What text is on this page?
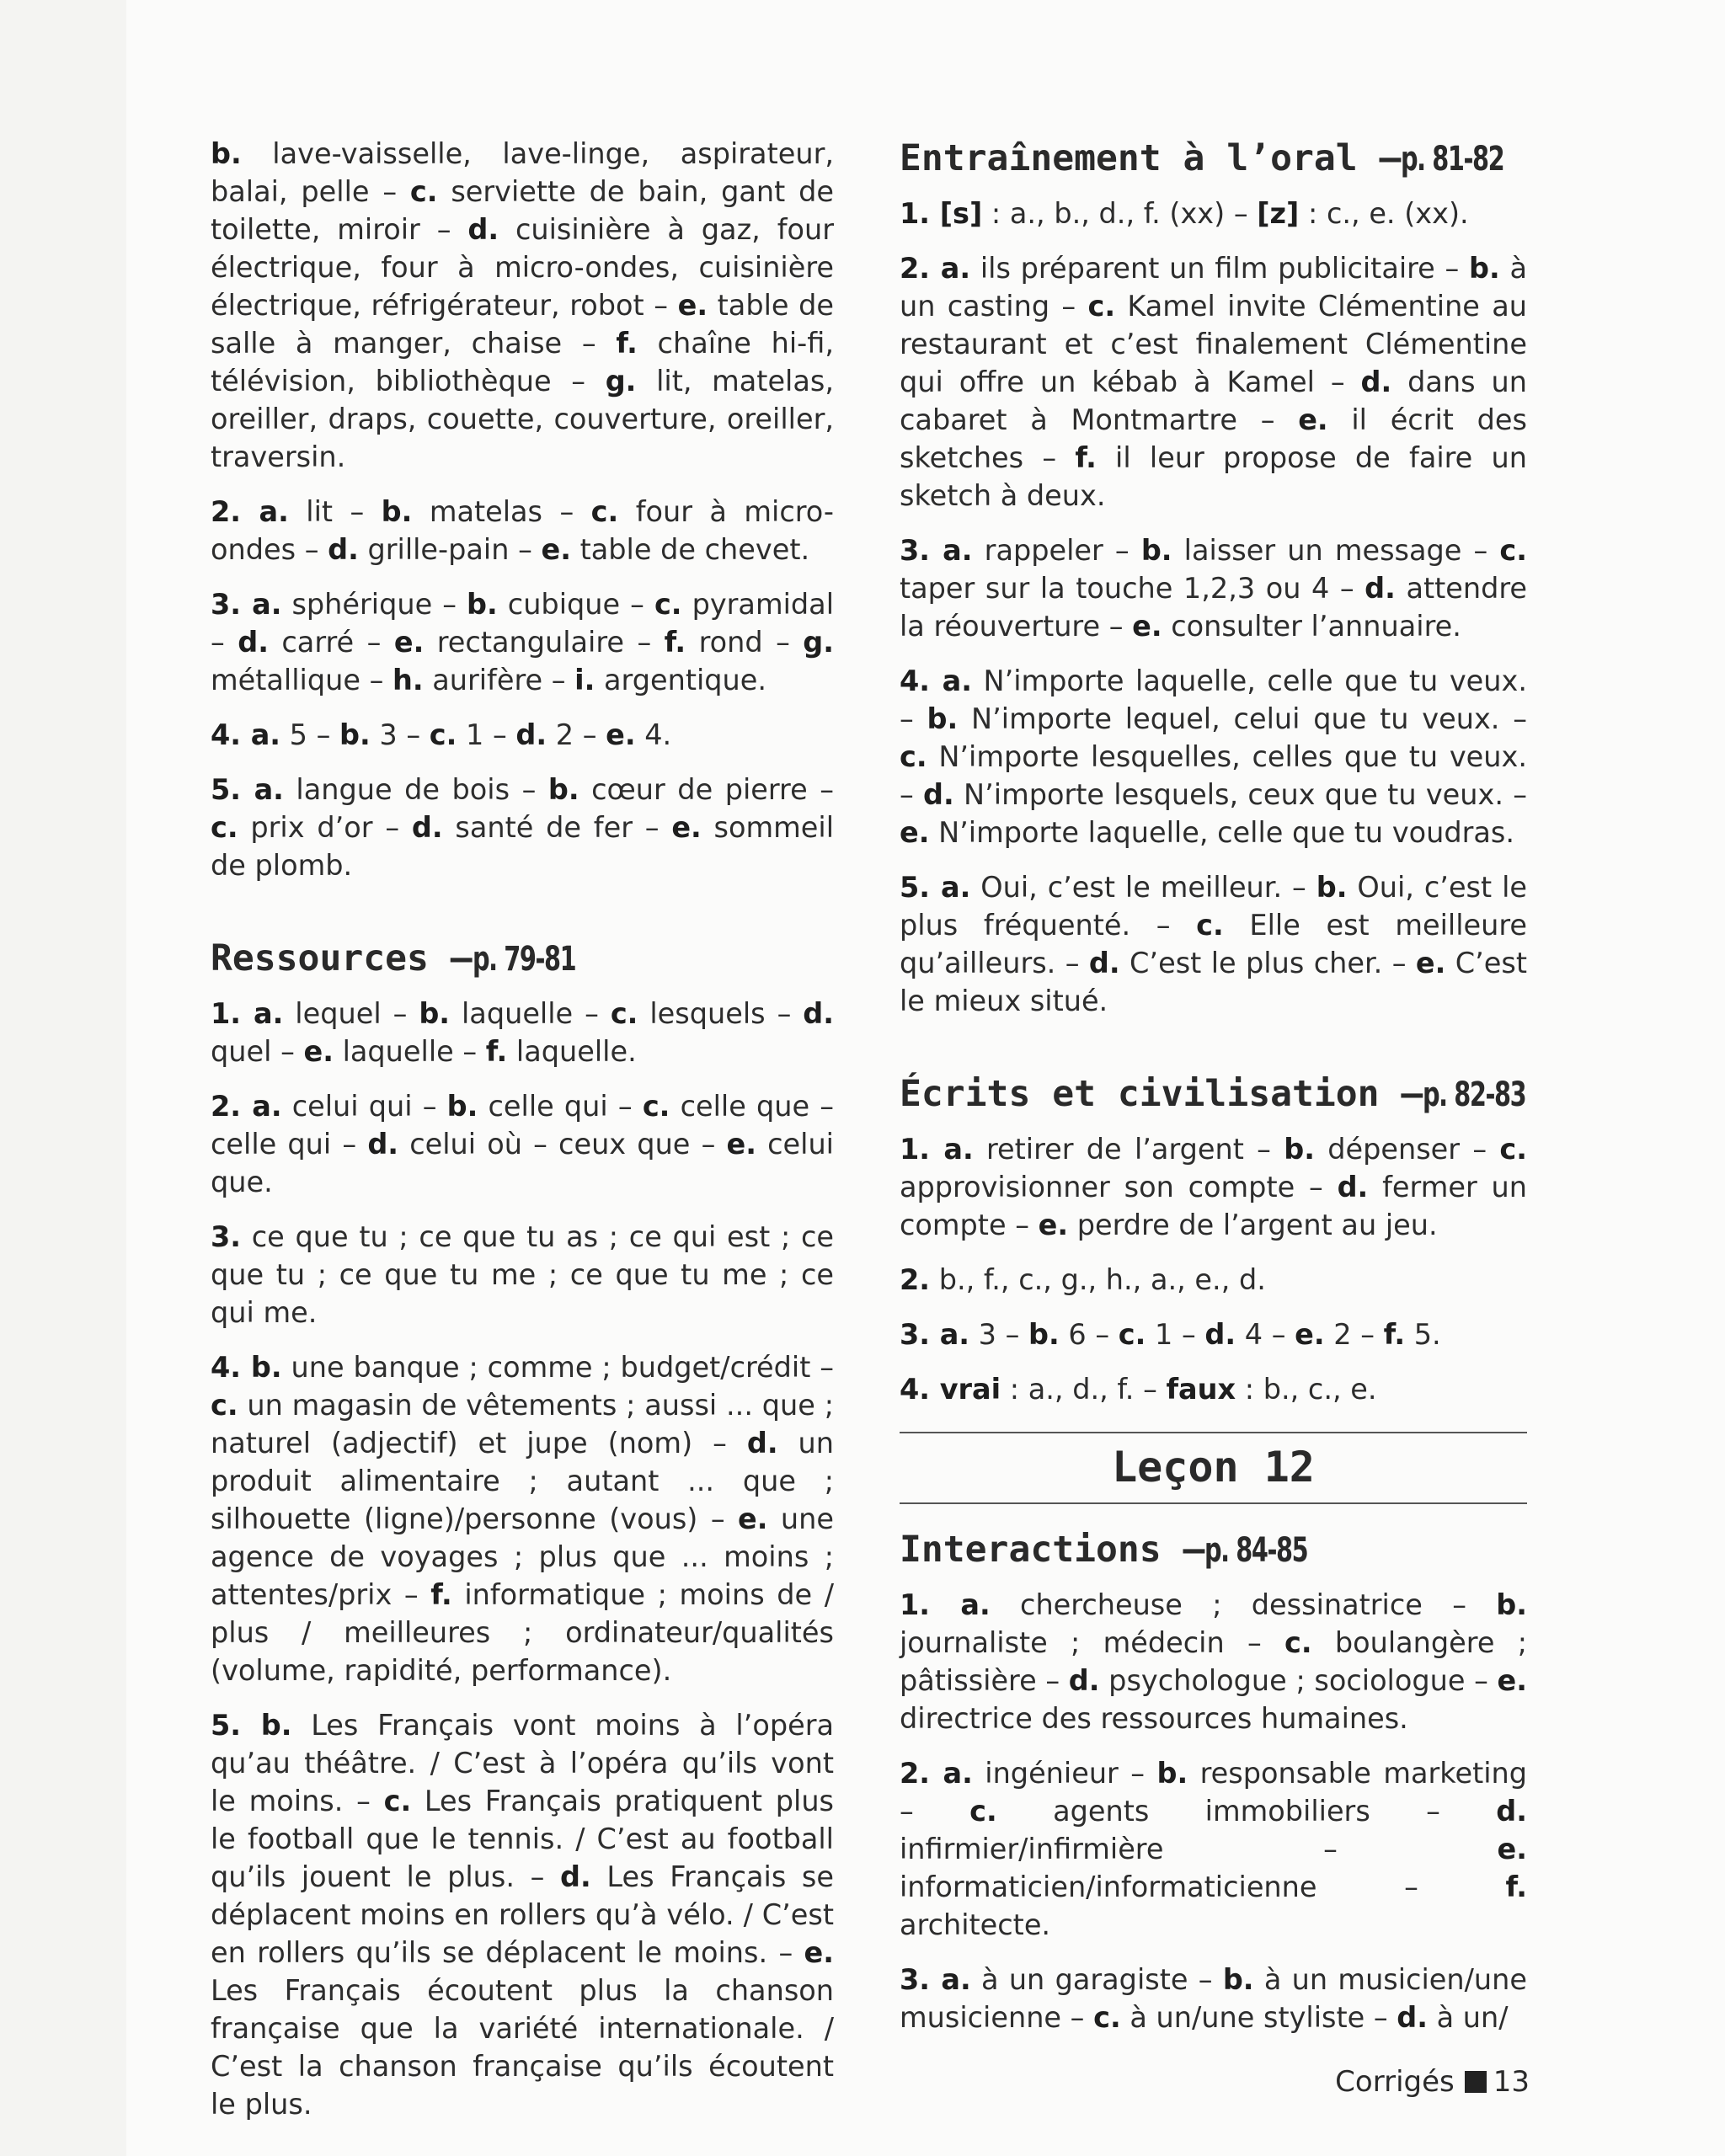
b. lave-vaisselle, lave-linge, aspirateur, balai, pelle – c. serviette de bain, gant de toilette, miroir – d. cuisinière à gaz, four électrique, four à micro-ondes, cuisinière électrique, réfrigérateur, robot – e. table de salle à manger, chaise – f. chaîne hi-fi, télévision, bibliothèque – g. lit, matelas, oreiller, draps, couette, couverture, oreiller, traversin.

2. a. lit – b. matelas – c. four à micro-ondes – d. grille-pain – e. table de chevet.

3. a. sphérique – b. cubique – c. pyramidal – d. carré – e. rectangulaire – f. rond – g. métallique – h. aurifère – i. argentique.

4. a. 5 – b. 3 – c. 1 – d. 2 – e. 4.

5. a. langue de bois – b. cœur de pierre – c. prix d’or – d. santé de fer – e. sommeil de plomb.

Ressources –p. 79-81

1. a. lequel – b. laquelle – c. lesquels – d. quel – e. laquelle – f. laquelle.

2. a. celui qui – b. celle qui – c. celle que – celle qui – d. celui où – ceux que – e. celui que.

3. ce que tu ; ce que tu as ; ce qui est ; ce que tu ; ce que tu me ; ce que tu me ; ce qui me.

4. b. une banque ; comme ; budget/crédit – c. un magasin de vêtements ; aussi ... que ; naturel (adjectif) et jupe (nom) – d. un produit alimentaire ; autant ... que ; silhouette (ligne)/personne (vous) – e. une agence de voyages ; plus que ... moins ; attentes/prix – f. informatique ; moins de / plus / meilleures ; ordinateur/qualités (volume, rapidité, performance).

5. b. Les Français vont moins à l’opéra qu’au théâtre. / C’est à l’opéra qu’ils vont le moins. – c. Les Français pratiquent plus le football que le tennis. / C’est au football qu’ils jouent le plus. – d. Les Français se déplacent moins en rollers qu’à vélo. / C’est en rollers qu’ils se déplacent le moins. – e. Les Français écoutent plus la chanson française que la variété internationale. / C’est la chanson française qu’ils écoutent le plus.

Entraînement à l’oral –p. 81-82

1. [s] : a., b., d., f. (xx) – [z] : c., e. (xx).

2. a. ils préparent un film publicitaire – b. à un casting – c. Kamel invite Clémentine au restaurant et c’est finalement Clémentine qui offre un kébab à Kamel – d. dans un cabaret à Montmartre – e. il écrit des sketches – f. il leur propose de faire un sketch à deux.

3. a. rappeler – b. laisser un message – c. taper sur la touche 1,2,3 ou 4 – d. attendre la réouverture – e. consulter l’annuaire.

4. a. N’importe laquelle, celle que tu veux. – b. N’importe lequel, celui que tu veux. – c. N’importe lesquelles, celles que tu veux. – d. N’importe lesquels, ceux que tu veux. – e. N’importe laquelle, celle que tu voudras.

5. a. Oui, c’est le meilleur. – b. Oui, c’est le plus fréquenté. – c. Elle est meilleure qu’ailleurs. – d. C’est le plus cher. – e. C’est le mieux situé.

Écrits et civilisation –p. 82-83

1. a. retirer de l’argent – b. dépenser – c. approvisionner son compte – d. fermer un compte – e. perdre de l’argent au jeu.

2. b., f., c., g., h., a., e., d.

3. a. 3 – b. 6 – c. 1 – d. 4 – e. 2 – f. 5.

4. vrai : a., d., f. – faux : b., c., e.

Leçon 12
Interactions –p. 84-85

1. a. chercheuse ; dessinatrice – b. journaliste ; médecin – c. boulangère ; pâtissière – d. psychologue ; sociologue – e. directrice des ressources humaines.

2. a. ingénieur – b. responsable marketing – c. agents immobiliers – d. infirmier/infirmière – e. informaticien/informaticienne – f. architecte.

3. a. à un garagiste – b. à un musicien/une musicienne – c. à un/une styliste – d. à un/

Corrigés 13
